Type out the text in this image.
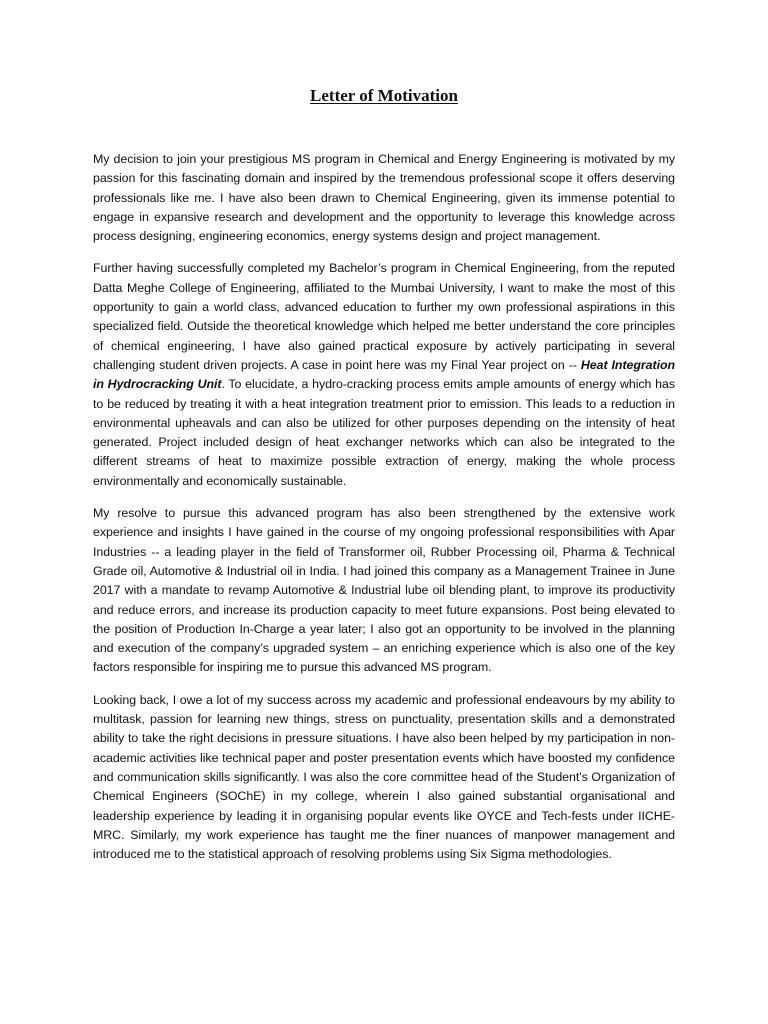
Letter of Motivation

My decision to join your prestigious MS program in Chemical and Energy Engineering is motivated by my passion for this fascinating domain and inspired by the tremendous professional scope it offers deserving professionals like me. I have also been drawn to Chemical Engineering, given its immense potential to engage in expansive research and development and the opportunity to leverage this knowledge across process designing, engineering economics, energy systems design and project management.

Further having successfully completed my Bachelor’s program in Chemical Engineering, from the reputed Datta Meghe College of Engineering, affiliated to the Mumbai University, I want to make the most of this opportunity to gain a world class, advanced education to further my own professional aspirations in this specialized field. Outside the theoretical knowledge which helped me better understand the core principles of chemical engineering, I have also gained practical exposure by actively participating in several challenging student driven projects. A case in point here was my Final Year project on -- Heat Integration in Hydrocracking Unit. To elucidate, a hydro-cracking process emits ample amounts of energy which has to be reduced by treating it with a heat integration treatment prior to emission. This leads to a reduction in environmental upheavals and can also be utilized for other purposes depending on the intensity of heat generated. Project included design of heat exchanger networks which can also be integrated to the different streams of heat to maximize possible extraction of energy, making the whole process environmentally and economically sustainable.

My resolve to pursue this advanced program has also been strengthened by the extensive work experience and insights I have gained in the course of my ongoing professional responsibilities with Apar Industries -- a leading player in the field of Transformer oil, Rubber Processing oil, Pharma & Technical Grade oil, Automotive & Industrial oil in India. I had joined this company as a Management Trainee in June 2017 with a mandate to revamp Automotive & Industrial lube oil blending plant, to improve its productivity and reduce errors, and increase its production capacity to meet future expansions. Post being elevated to the position of Production In-Charge a year later; I also got an opportunity to be involved in the planning and execution of the company’s upgraded system – an enriching experience which is also one of the key factors responsible for inspiring me to pursue this advanced MS program.

Looking back, I owe a lot of my success across my academic and professional endeavours by my ability to multitask, passion for learning new things, stress on punctuality, presentation skills and a demonstrated ability to take the right decisions in pressure situations. I have also been helped by my participation in non-academic activities like technical paper and poster presentation events which have boosted my confidence and communication skills significantly. I was also the core committee head of the Student's Organization of Chemical Engineers (SOChE) in my college, wherein I also gained substantial organisational and leadership experience by leading it in organising popular events like OYCE and Tech-fests under IICHE-MRC. Similarly, my work experience has taught me the finer nuances of manpower management and introduced me to the statistical approach of resolving problems using Six Sigma methodologies.
